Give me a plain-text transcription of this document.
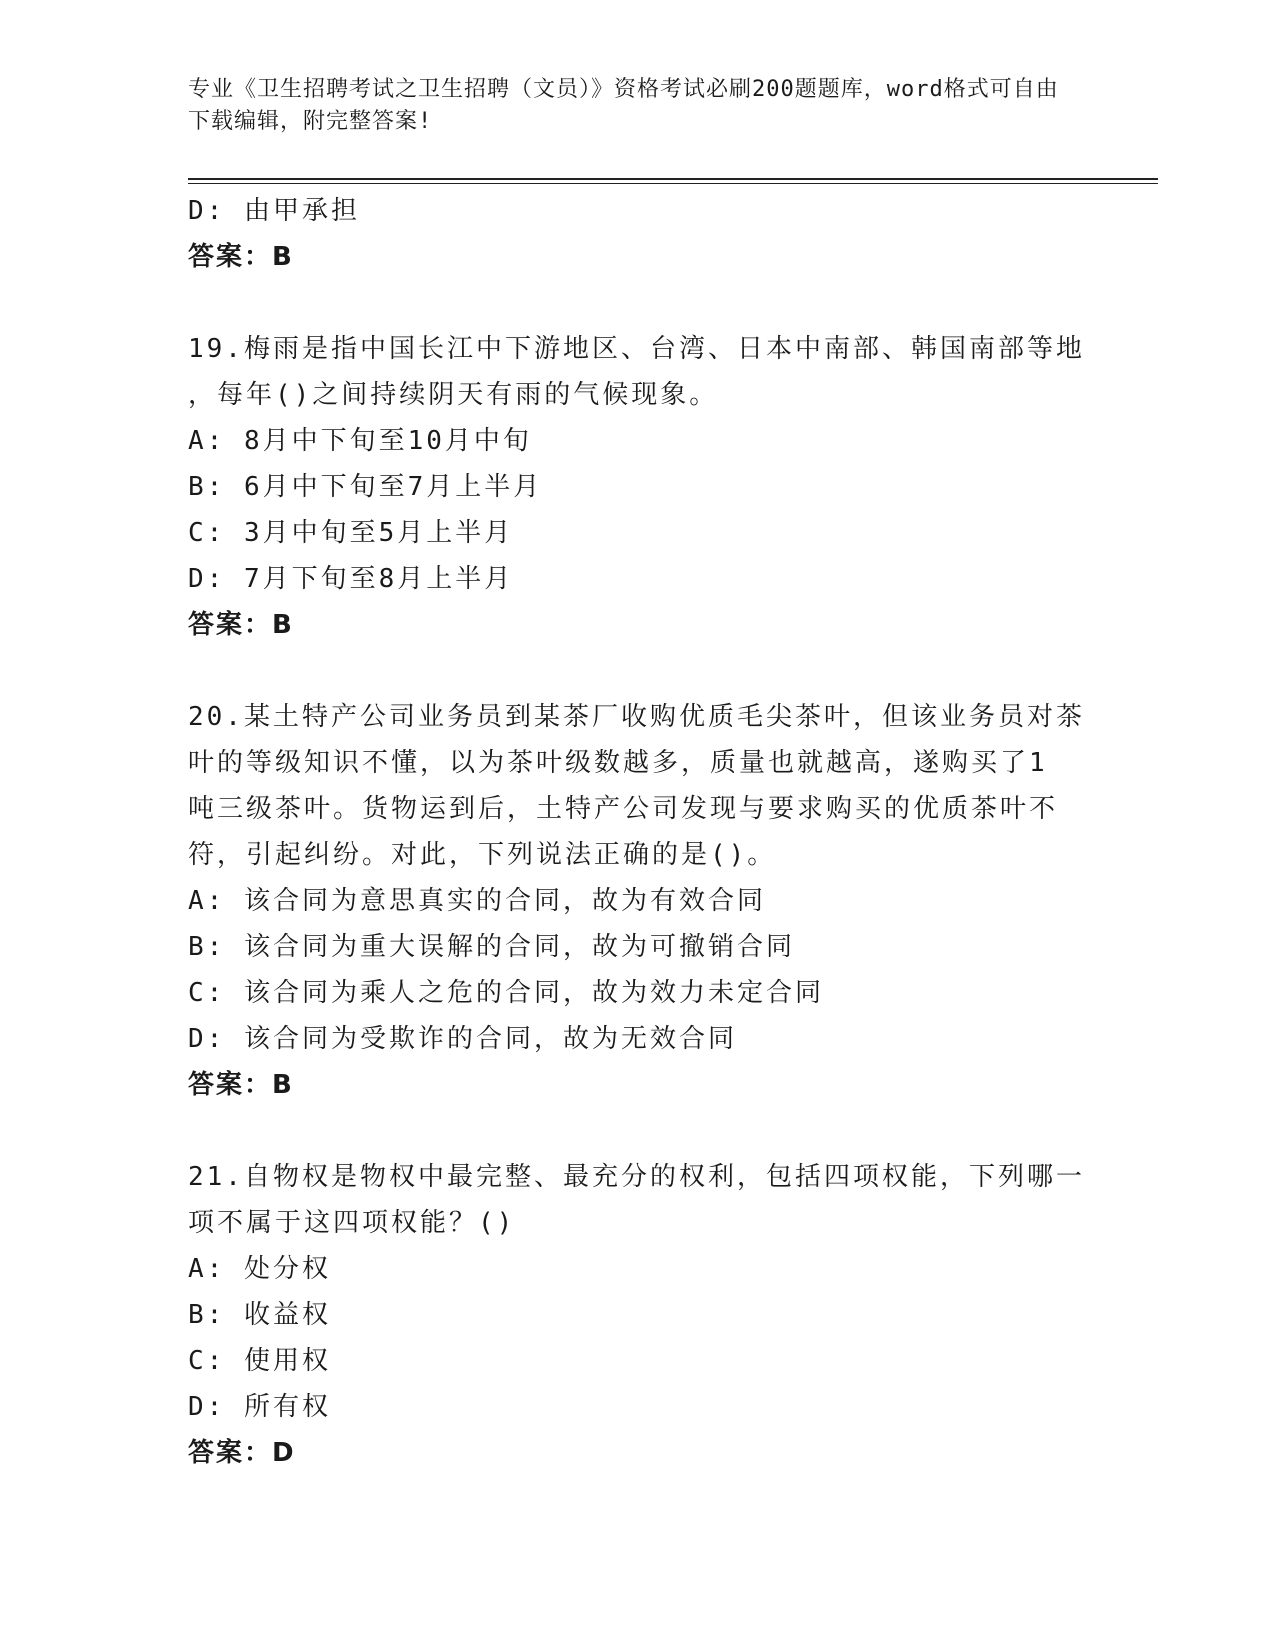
专业《卫生招聘考试之卫生招聘（文员）》资格考试必刷200题题库，word格式可自由下载编辑，附完整答案!

D: 由甲承担

答案：B

19.梅雨是指中国长江中下游地区、台湾、日本中南部、韩国南部等地

，每年()之间持续阴天有雨的气候现象。

A: 8月中下旬至10月中旬

B: 6月中下旬至7月上半月

C: 3月中旬至5月上半月

D: 7月下旬至8月上半月

答案：B

20.某土特产公司业务员到某茶厂收购优质毛尖茶叶，但该业务员对茶

叶的等级知识不懂，以为茶叶级数越多，质量也就越高，遂购买了1

吨三级茶叶。货物运到后，土特产公司发现与要求购买的优质茶叶不

符，引起纠纷。对此，下列说法正确的是()。

A: 该合同为意思真实的合同，故为有效合同

B: 该合同为重大误解的合同，故为可撤销合同

C: 该合同为乘人之危的合同，故为效力未定合同

D: 该合同为受欺诈的合同，故为无效合同

答案：B

21.自物权是物权中最完整、最充分的权利，包括四项权能，下列哪一

项不属于这四项权能？()

A: 处分权

B: 收益权

C: 使用权

D: 所有权

答案：D
